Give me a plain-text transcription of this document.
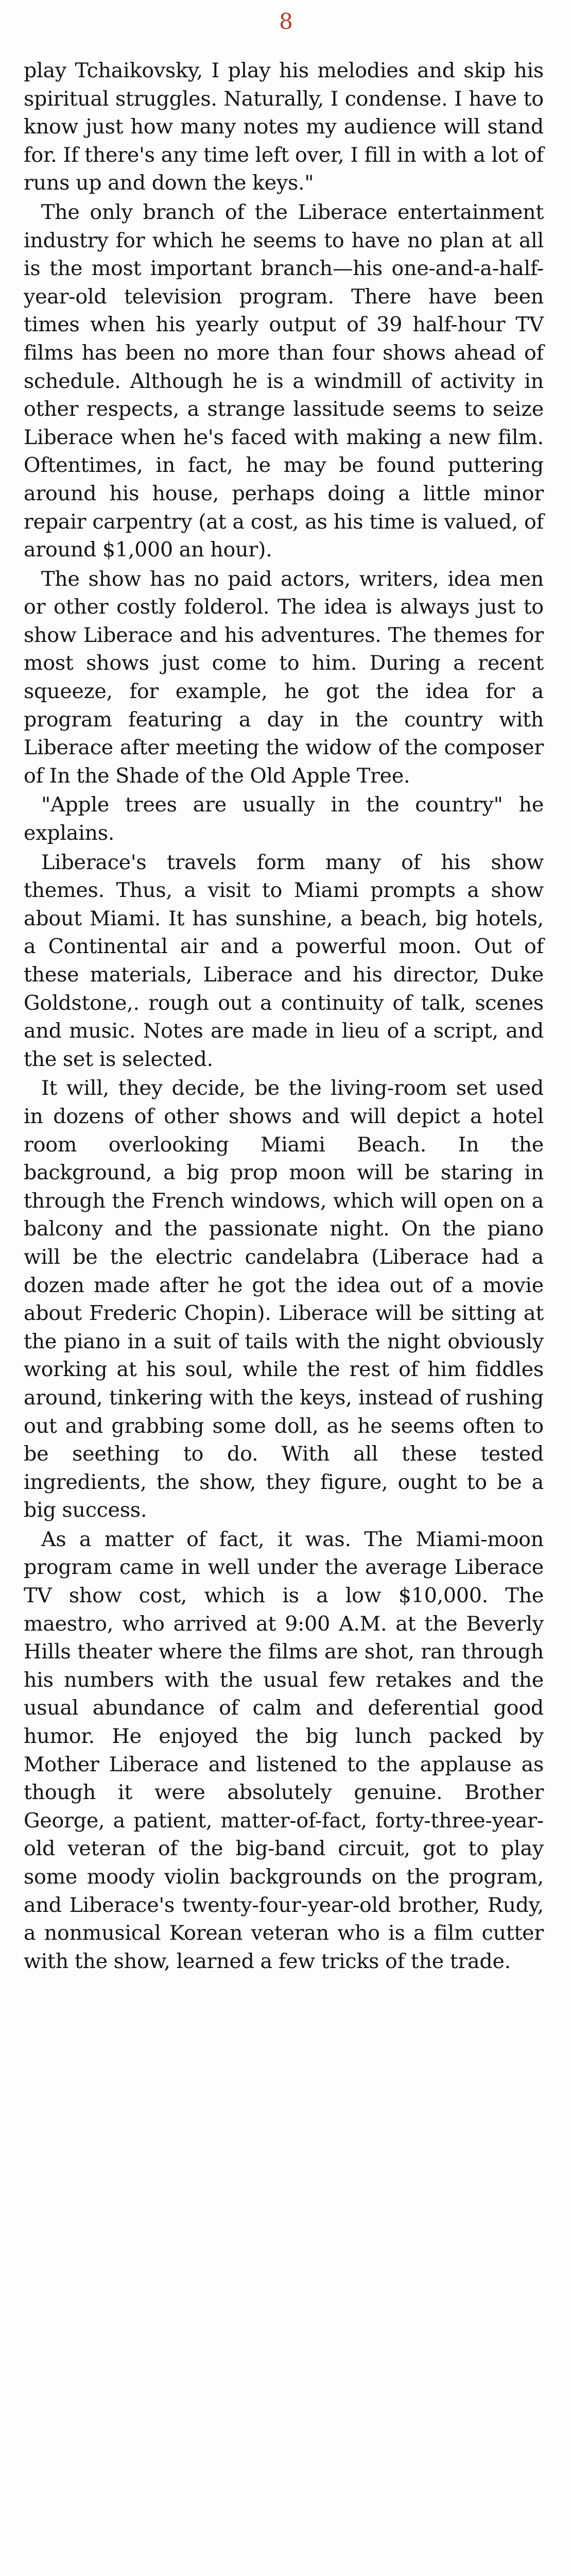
8

play Tchaikovsky, I play his melodies and skip his spiritual struggles. Naturally, I condense. I have to know just how many notes my audience will stand for. If there's any time left over, I fill in with a lot of runs up and down the keys."

The only branch of the Liberace entertainment industry for which he seems to have no plan at all is the most important branch—his one-and-a-half-year-old television program. There have been times when his yearly output of 39 half-hour TV films has been no more than four shows ahead of schedule. Although he is a windmill of activity in other respects, a strange lassitude seems to seize Liberace when he's faced with making a new film. Oftentimes, in fact, he may be found puttering around his house, perhaps doing a little minor repair carpentry (at a cost, as his time is valued, of around $1,000 an hour).

The show has no paid actors, writers, idea men or other costly folderol. The idea is always just to show Liberace and his adventures. The themes for most shows just come to him. During a recent squeeze, for example, he got the idea for a program featuring a day in the country with Liberace after meeting the widow of the composer of In the Shade of the Old Apple Tree.

"Apple trees are usually in the country" he explains.

Liberace's travels form many of his show themes. Thus, a visit to Miami prompts a show about Miami. It has sunshine, a beach, big hotels, a Continental air and a powerful moon. Out of these materials, Liberace and his director, Duke Goldstone,. rough out a continuity of talk, scenes and music. Notes are made in lieu of a script, and the set is selected.

It will, they decide, be the living-room set used in dozens of other shows and will depict a hotel room overlooking Miami Beach. In the background, a big prop moon will be staring in through the French windows, which will open on a balcony and the passionate night. On the piano will be the electric candelabra (Liberace had a dozen made after he got the idea out of a movie about Frederic Chopin). Liberace will be sitting at the piano in a suit of tails with the night obviously working at his soul, while the rest of him fiddles around, tinkering with the keys, instead of rushing out and grabbing some doll, as he seems often to be seething to do. With all these tested ingredients, the show, they figure, ought to be a big success.

As a matter of fact, it was. The Miami-moon program came in well under the average Liberace TV show cost, which is a low $10,000. The maestro, who arrived at 9:00 A.M. at the Beverly Hills theater where the films are shot, ran through his numbers with the usual few retakes and the usual abundance of calm and deferential good humor. He enjoyed the big lunch packed by Mother Liberace and listened to the applause as though it were absolutely genuine. Brother George, a patient, matter-of-fact, forty-three-year-old veteran of the big-band circuit, got to play some moody violin backgrounds on the program, and Liberace's twenty-four-year-old brother, Rudy, a nonmusical Korean veteran who is a film cutter with the show, learned a few tricks of the trade.
